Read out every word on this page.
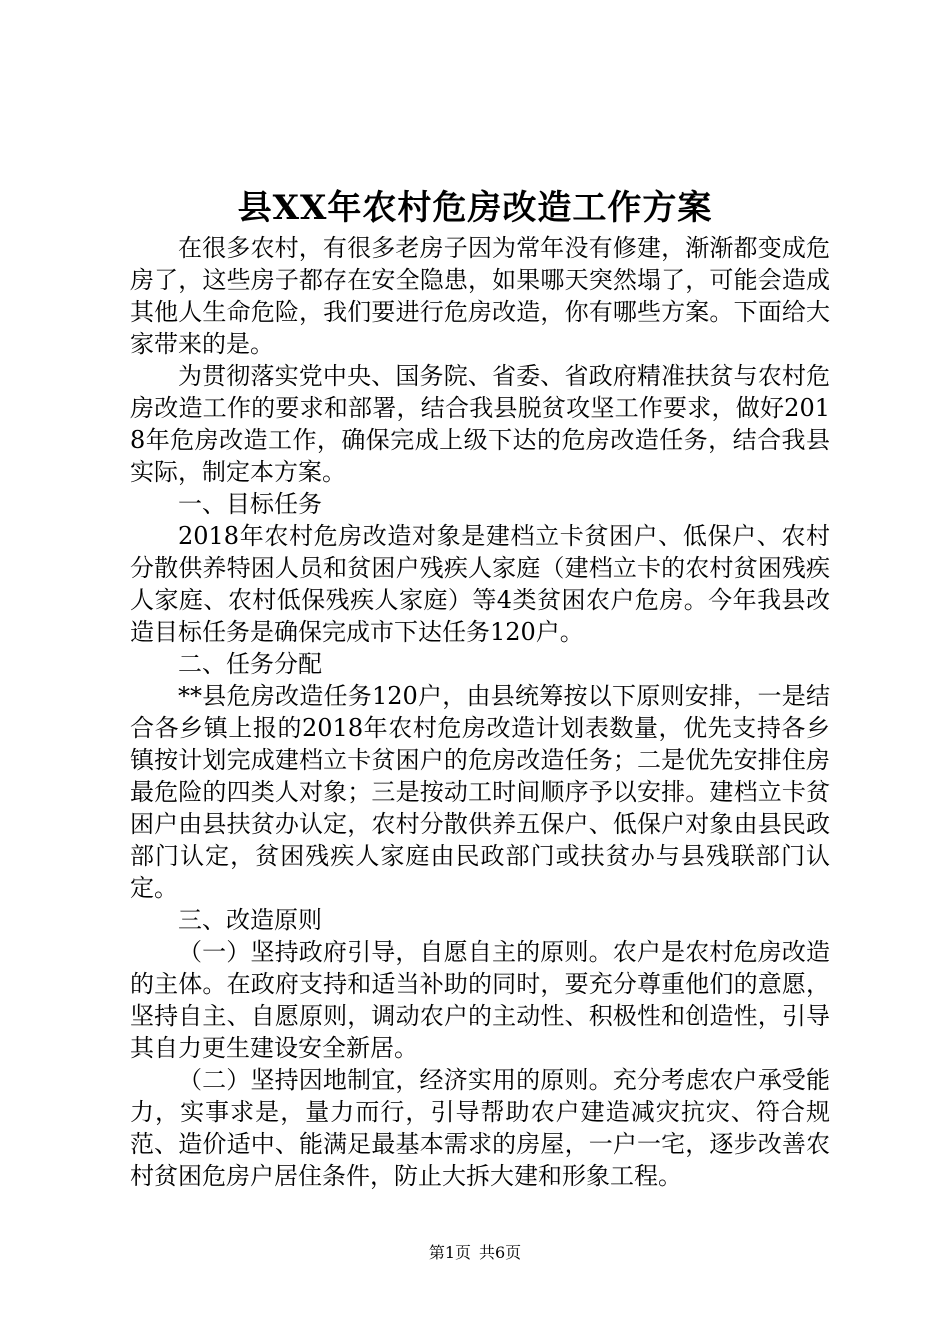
县XX年农村危房改造工作方案

在很多农村，有很多老房子因为常年没有修建，渐渐都变成危房了，这些房子都存在安全隐患，如果哪天突然塌了，可能会造成其他人生命危险，我们要进行危房改造，你有哪些方案。下面给大家带来的是。

为贯彻落实党中央、国务院、省委、省政府精准扶贫与农村危房改造工作的要求和部署，结合我县脱贫攻坚工作要求，做好2018年危房改造工作，确保完成上级下达的危房改造任务，结合我县实际，制定本方案。

一、目标任务

2018年农村危房改造对象是建档立卡贫困户、低保户、农村分散供养特困人员和贫困户残疾人家庭（建档立卡的农村贫困残疾人家庭、农村低保残疾人家庭）等4类贫困农户危房。今年我县改造目标任务是确保完成市下达任务120户。

二、任务分配

**县危房改造任务120户，由县统筹按以下原则安排，一是结合各乡镇上报的2018年农村危房改造计划表数量，优先支持各乡镇按计划完成建档立卡贫困户的危房改造任务；二是优先安排住房最危险的四类人对象；三是按动工时间顺序予以安排。建档立卡贫困户由县扶贫办认定，农村分散供养五保户、低保户对象由县民政部门认定，贫困残疾人家庭由民政部门或扶贫办与县残联部门认定。

三、改造原则

（一）坚持政府引导，自愿自主的原则。农户是农村危房改造的主体。在政府支持和适当补助的同时，要充分尊重他们的意愿，坚持自主、自愿原则，调动农户的主动性、积极性和创造性，引导其自力更生建设安全新居。

（二）坚持因地制宜，经济实用的原则。充分考虑农户承受能力，实事求是，量力而行，引导帮助农户建造减灾抗灾、符合规范、造价适中、能满足最基本需求的房屋，一户一宅，逐步改善农村贫困危房户居住条件，防止大拆大建和形象工程。

第1页 共6页
